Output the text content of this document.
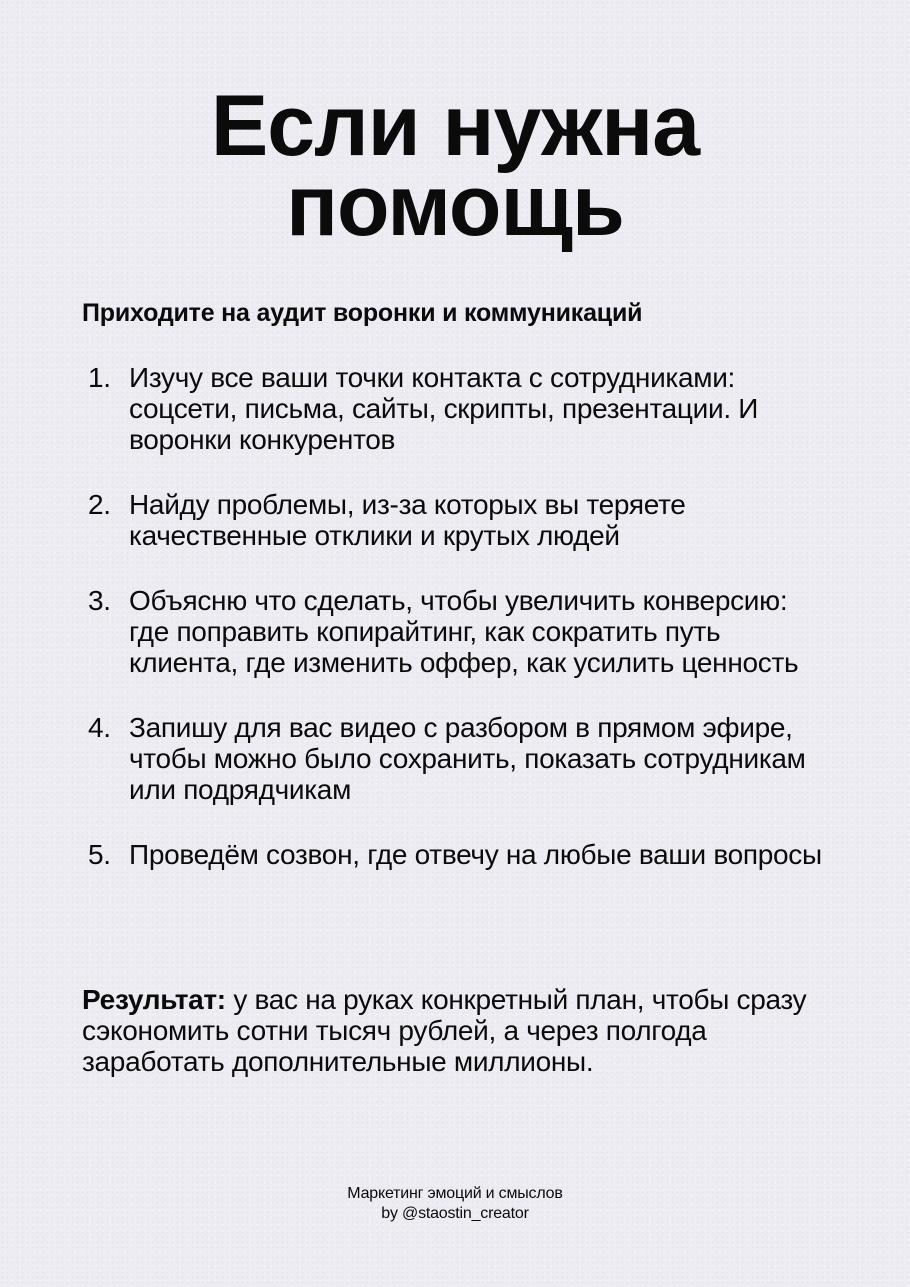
Если нужна
помощь

Приходите на аудит воронки и коммуникаций

1. Изучу все ваши точки контакта с сотрудниками: соцсети, письма, сайты, скрипты, презентации. И воронки конкурентов
2. Найду проблемы, из-за которых вы теряете качественные отклики и крутых людей
3. Объясню что сделать, чтобы увеличить конверсию: где поправить копирайтинг, как сократить путь клиента, где изменить оффер, как усилить ценность
4. Запишу для вас видео с разбором в прямом эфире, чтобы можно было сохранить, показать сотрудникам или подрядчикам
5. Проведём созвон, где отвечу на любые ваши вопросы

Результат: у вас на руках конкретный план, чтобы сразу сэкономить сотни тысяч рублей, а через полгода заработать дополнительные миллионы.

Маркетинг эмоций и смыслов
by @staostin_creator
